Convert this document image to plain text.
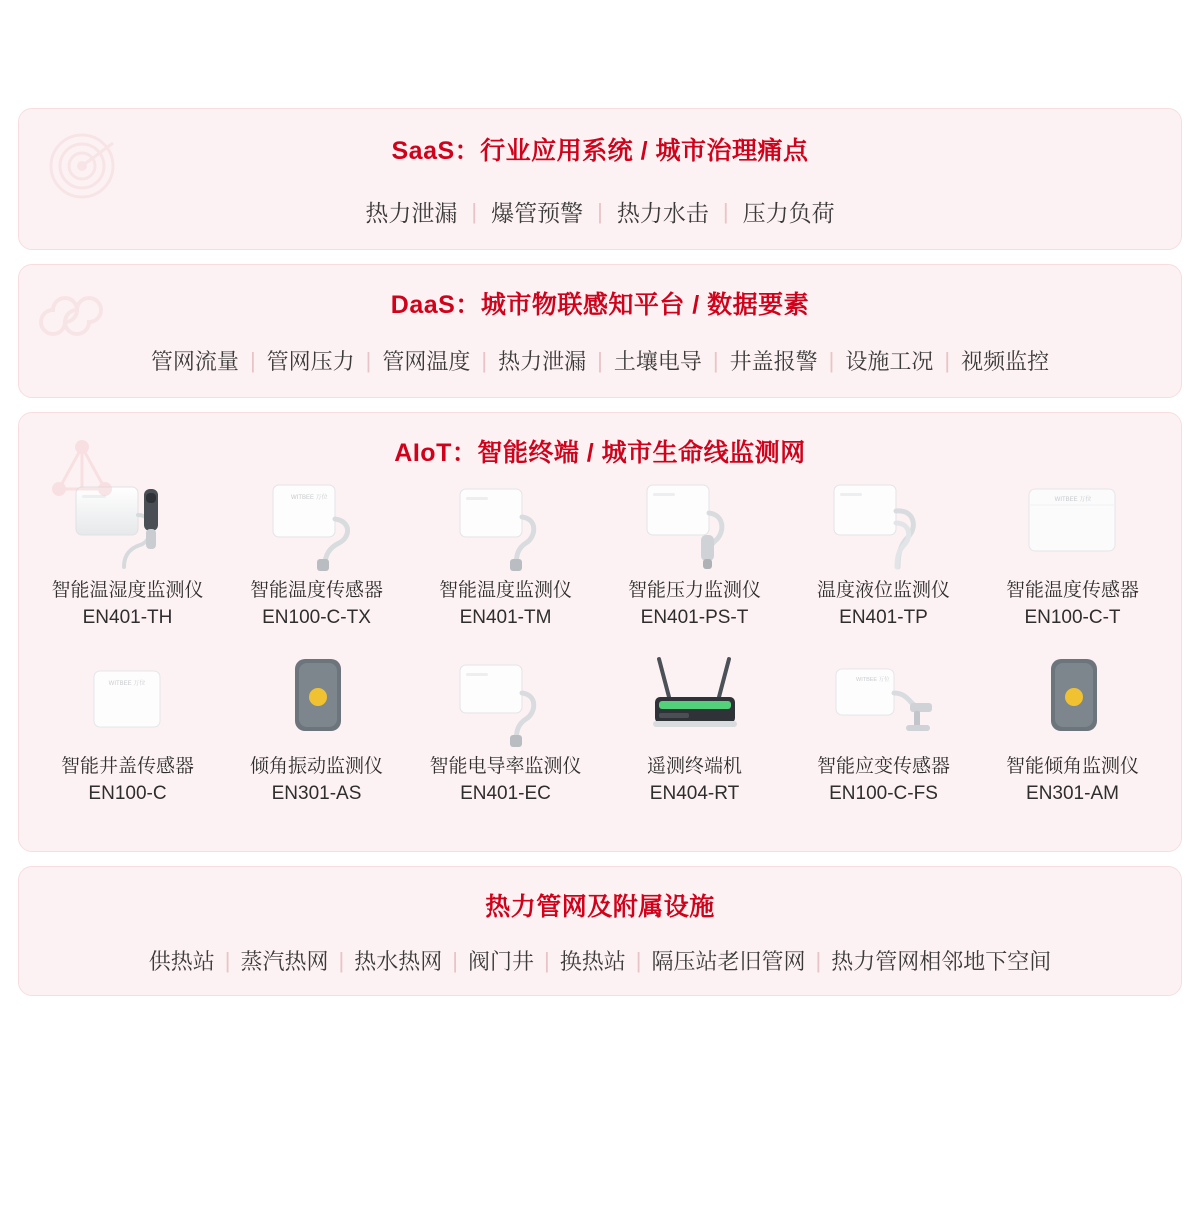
SaaS：行业应用系统 / 城市治理痛点
热力泄漏 | 爆管预警 | 热力水击 | 压力负荷
DaaS：城市物联感知平台 / 数据要素
管网流量 | 管网压力 | 管网温度 | 热力泄漏 | 土壤电导 | 井盖报警 | 设施工况 | 视频监控
AIoT：智能终端 / 城市生命线监测网
智能温湿度监测仪
EN401-TH
WITBEE 万位
智能温度传感器
EN100-C-TX
智能温度监测仪
EN401-TM
智能压力监测仪
EN401-PS-T
温度液位监测仪
EN401-TP
WITBEE 万位
智能温度传感器
EN100-C-T
WITBEE 万位
智能井盖传感器
EN100-C
倾角振动监测仪
EN301-AS
智能电导率监测仪
EN401-EC
遥测终端机
EN404-RT
WITBEE 万位
智能应变传感器
EN100-C-FS
智能倾角监测仪
EN301-AM
热力管网及附属设施
供热站 | 蒸汽热网 | 热水热网 | 阀门井 | 换热站 | 隔压站老旧管网 | 热力管网相邻地下空间
